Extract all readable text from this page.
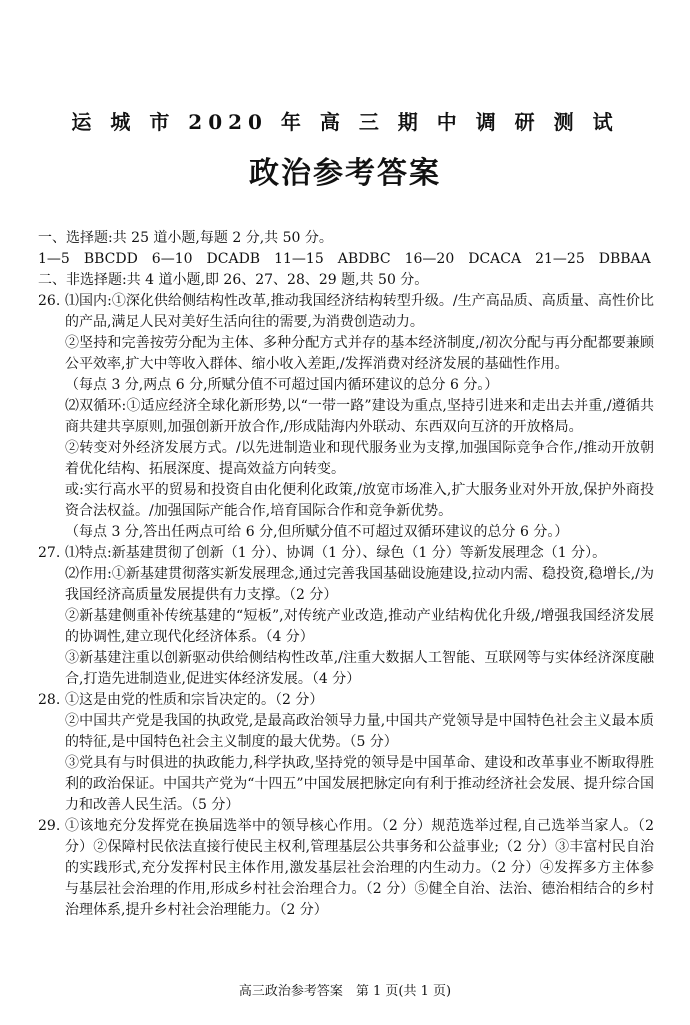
运 城 市 2020 年 高 三 期 中 调 研 测 试
政治参考答案
一、选择题:共 25 道小题,每题 2 分,共 50 分。
1—5　BBCDD　6—10　DCADB　11—15　ABDBC　16—20　DCACA　21—25　DBBAA
二、非选择题:共 4 道小题,即 26、27、28、29 题,共 50 分。
26. ⑴国内:①深化供给侧结构性改革,推动我国经济结构转型升级。/生产高品质、高质量、高性价比的产品,满足人民对美好生活向往的需要,为消费创造动力。

②坚持和完善按劳分配为主体、多种分配方式并存的基本经济制度,/初次分配与再分配都要兼顾公平效率,扩大中等收入群体、缩小收入差距,/发挥消费对经济发展的基础性作用。

（每点 3 分,两点 6 分,所赋分值不可超过国内循环建议的总分 6 分。）

⑵双循环:①适应经济全球化新形势,以“一带一路”建设为重点,坚持引进来和走出去并重,/遵循共商共建共享原则,加强创新开放合作,/形成陆海内外联动、东西双向互济的开放格局。

②转变对外经济发展方式。/以先进制造业和现代服务业为支撑,加强国际竞争合作,/推动开放朝着优化结构、拓展深度、提高效益方向转变。

或:实行高水平的贸易和投资自由化便利化政策,/放宽市场准入,扩大服务业对外开放,保护外商投资合法权益。/加强国际产能合作,培育国际合作和竞争新优势。

（每点 3 分,答出任两点可给 6 分,但所赋分值不可超过双循环建议的总分 6 分。）

27. ⑴特点:新基建贯彻了创新（1 分）、协调（1 分）、绿色（1 分）等新发展理念（1 分）。

⑵作用:①新基建贯彻落实新发展理念,通过完善我国基础设施建设,拉动内需、稳投资,稳增长,/为我国经济高质量发展提供有力支撑。（2 分）

②新基建侧重补传统基建的“短板”,对传统产业改造,推动产业结构优化升级,/增强我国经济发展的协调性,建立现代化经济体系。（4 分）

③新基建注重以创新驱动供给侧结构性改革,/注重大数据人工智能、互联网等与实体经济深度融合,打造先进制造业,促进实体经济发展。（4 分）

28. ①这是由党的性质和宗旨决定的。（2 分）

②中国共产党是我国的执政党,是最高政治领导力量,中国共产党领导是中国特色社会主义最本质的特征,是中国特色社会主义制度的最大优势。（5 分）

③党具有与时俱进的执政能力,科学执政,坚持党的领导是中国革命、建设和改革事业不断取得胜利的政治保证。中国共产党为“十四五”中国发展把脉定向有利于推动经济社会发展、提升综合国力和改善人民生活。（5 分）

29. ①该地充分发挥党在换届选举中的领导核心作用。（2 分）规范选举过程,自己选举当家人。（2 分）②保障村民依法直接行使民主权利,管理基层公共事务和公益事业;（2 分）③丰富村民自治的实践形式,充分发挥村民主体作用,激发基层社会治理的内生动力。（2 分）④发挥多方主体参与基层社会治理的作用,形成乡村社会治理合力。（2 分）⑤健全自治、法治、德治相结合的乡村治理体系,提升乡村社会治理能力。（2 分）

高三政治参考答案　第 1 页(共 1 页)
